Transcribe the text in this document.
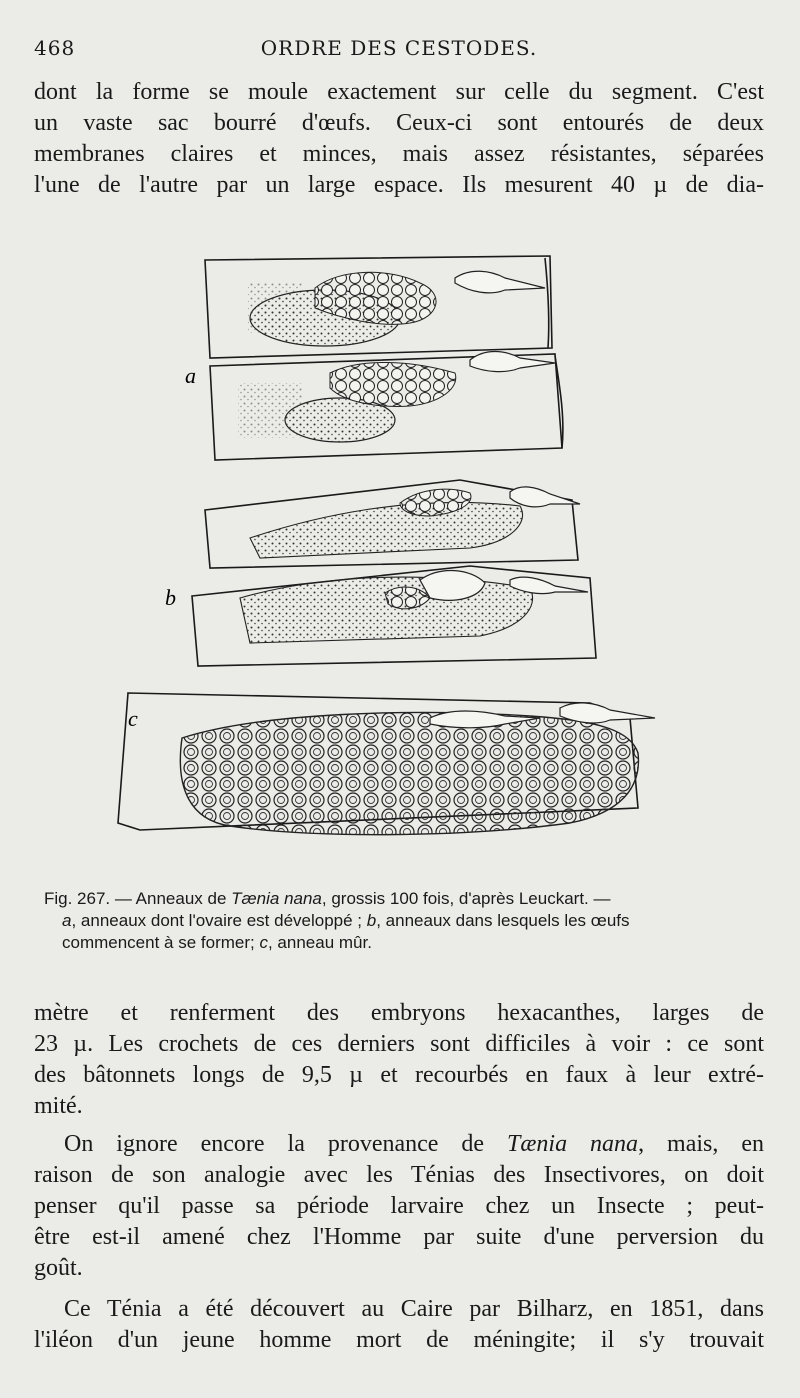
468	ORDRE DES CESTODES.
dont la forme se moule exactement sur celle du segment. C'est
un vaste sac bourré d'œufs. Ceux-ci sont entourés de deux
membranes claires et minces, mais assez résistantes, séparées
l'une de l'autre par un large espace. Ils mesurent 40 µ de dia-
a
b
c
Fig. 267. — Anneaux de Tænia nana, grossis 100 fois, d'après Leuckart. —
a, anneaux dont l'ovaire est développé ; b, anneaux dans lesquels les œufs
commencent à se former; c, anneau mûr.
mètre et renferment des embryons hexacanthes, larges de
23 µ. Les crochets de ces derniers sont difficiles à voir : ce sont
des bâtonnets longs de 9,5 µ et recourbés en faux à leur extré-
mité.
On ignore encore la provenance de Tænia nana, mais, en
raison de son analogie avec les Ténias des Insectivores, on doit
penser qu'il passe sa période larvaire chez un Insecte ; peut-
être est-il amené chez l'Homme par suite d'une perversion du
goût.
Ce Ténia a été découvert au Caire par Bilharz, en 1851, dans
l'iléon d'un jeune homme mort de méningite; il s'y trouvait
